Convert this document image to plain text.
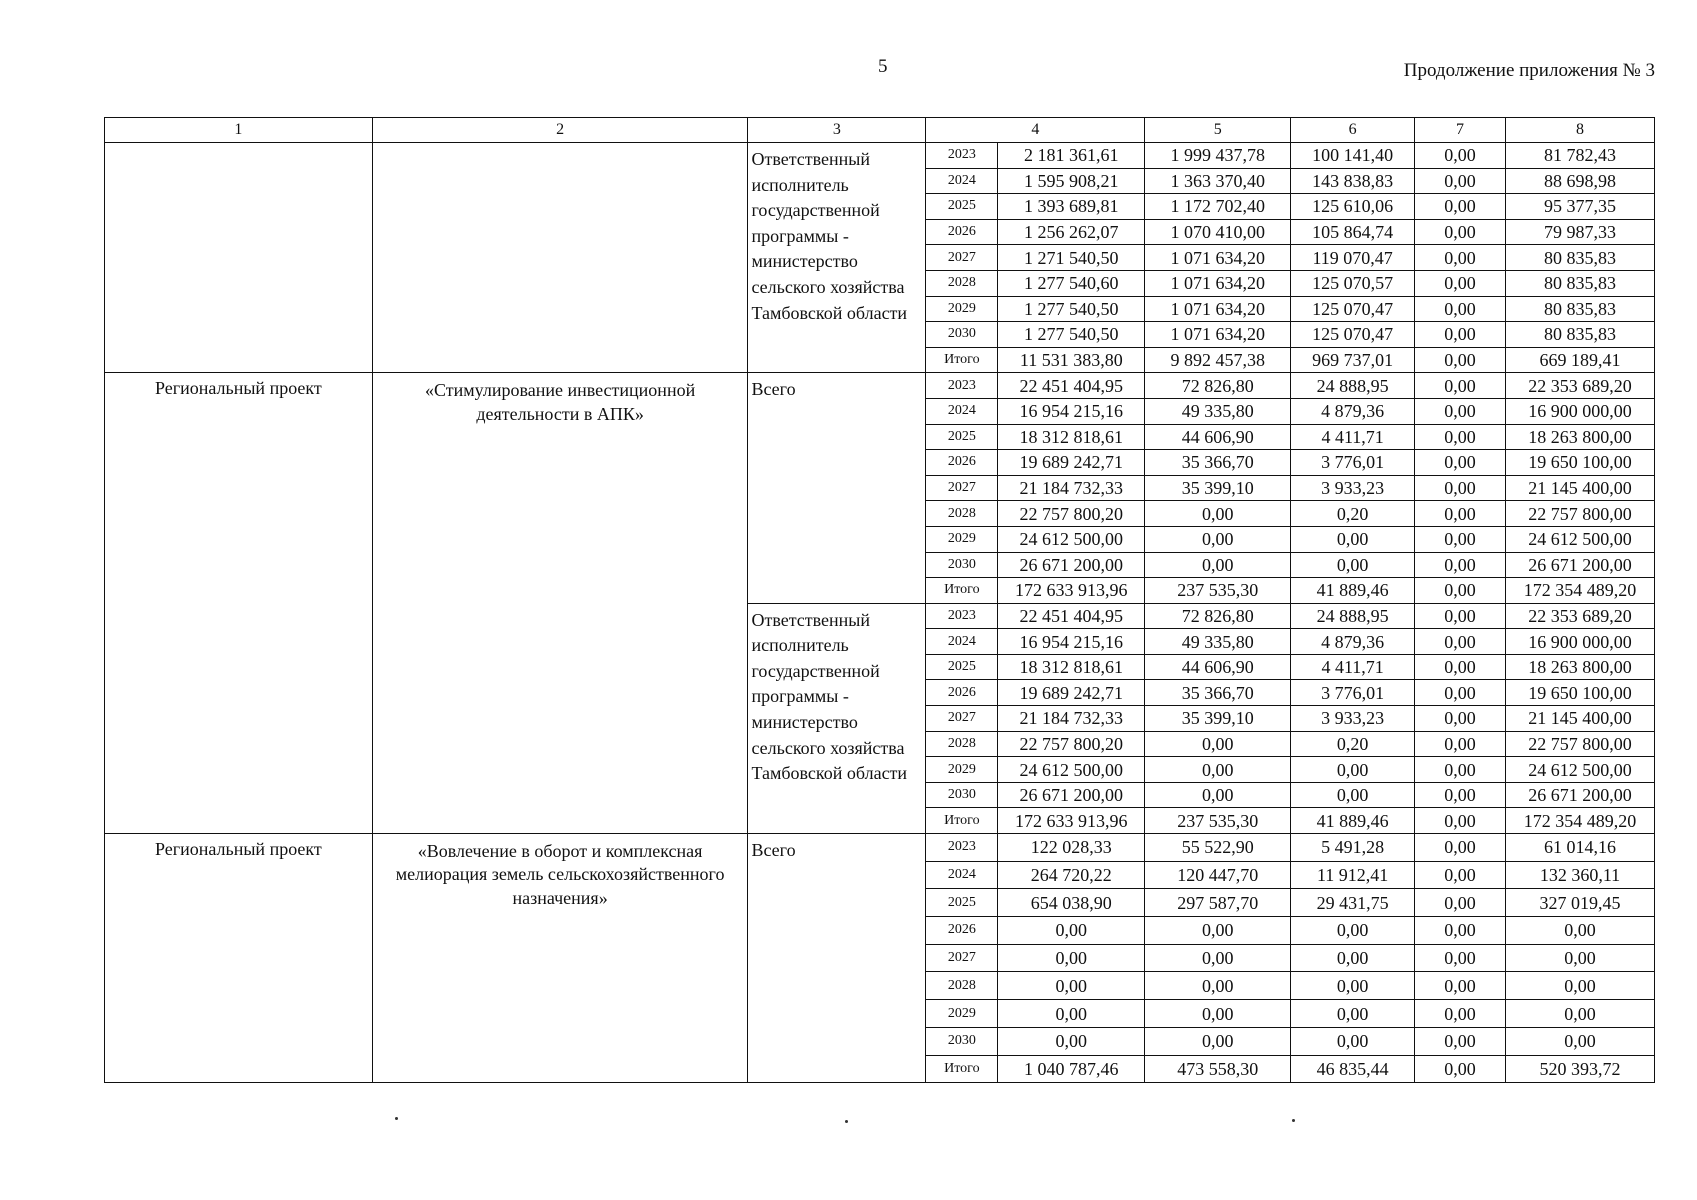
5	Продолжение приложения № 3
1	2	3	4		5	6	7	8
		Ответственный исполнитель государственной программы - министерство сельского хозяйства Тамбовской области	2023	2 181 361,61	1 999 437,78	100 141,40	0,00	81 782,43
			2024	1 595 908,21	1 363 370,40	143 838,83	0,00	88 698,98
			2025	1 393 689,81	1 172 702,40	125 610,06	0,00	95 377,35
			2026	1 256 262,07	1 070 410,00	105 864,74	0,00	79 987,33
			2027	1 271 540,50	1 071 634,20	119 070,47	0,00	80 835,83
			2028	1 277 540,60	1 071 634,20	125 070,57	0,00	80 835,83
			2029	1 277 540,50	1 071 634,20	125 070,47	0,00	80 835,83
			2030	1 277 540,50	1 071 634,20	125 070,47	0,00	80 835,83
			Итого	11 531 383,80	9 892 457,38	969 737,01	0,00	669 189,41
Региональный проект	«Стимулирование инвестиционной деятельности в АПК»	Всего	2023	22 451 404,95	72 826,80	24 888,95	0,00	22 353 689,20
			2024	16 954 215,16	49 335,80	4 879,36	0,00	16 900 000,00
			2025	18 312 818,61	44 606,90	4 411,71	0,00	18 263 800,00
			2026	19 689 242,71	35 366,70	3 776,01	0,00	19 650 100,00
			2027	21 184 732,33	35 399,10	3 933,23	0,00	21 145 400,00
			2028	22 757 800,20	0,00	0,20	0,00	22 757 800,00
			2029	24 612 500,00	0,00	0,00	0,00	24 612 500,00
			2030	26 671 200,00	0,00	0,00	0,00	26 671 200,00
			Итого	172 633 913,96	237 535,30	41 889,46	0,00	172 354 489,20
		Ответственный исполнитель государственной программы - министерство сельского хозяйства Тамбовской области	2023	22 451 404,95	72 826,80	24 888,95	0,00	22 353 689,20
			2024	16 954 215,16	49 335,80	4 879,36	0,00	16 900 000,00
			2025	18 312 818,61	44 606,90	4 411,71	0,00	18 263 800,00
			2026	19 689 242,71	35 366,70	3 776,01	0,00	19 650 100,00
			2027	21 184 732,33	35 399,10	3 933,23	0,00	21 145 400,00
			2028	22 757 800,20	0,00	0,20	0,00	22 757 800,00
			2029	24 612 500,00	0,00	0,00	0,00	24 612 500,00
			2030	26 671 200,00	0,00	0,00	0,00	26 671 200,00
			Итого	172 633 913,96	237 535,30	41 889,46	0,00	172 354 489,20
Региональный проект	«Вовлечение в оборот и комплексная мелиорация земель сельскохозяйственного назначения»	Всего	2023	122 028,33	55 522,90	5 491,28	0,00	61 014,16
			2024	264 720,22	120 447,70	11 912,41	0,00	132 360,11
			2025	654 038,90	297 587,70	29 431,75	0,00	327 019,45
			2026	0,00	0,00	0,00	0,00	0,00
			2027	0,00	0,00	0,00	0,00	0,00
			2028	0,00	0,00	0,00	0,00	0,00
			2029	0,00	0,00	0,00	0,00	0,00
			2030	0,00	0,00	0,00	0,00	0,00
			Итого	1 040 787,46	473 558,30	46 835,44	0,00	520 393,72
